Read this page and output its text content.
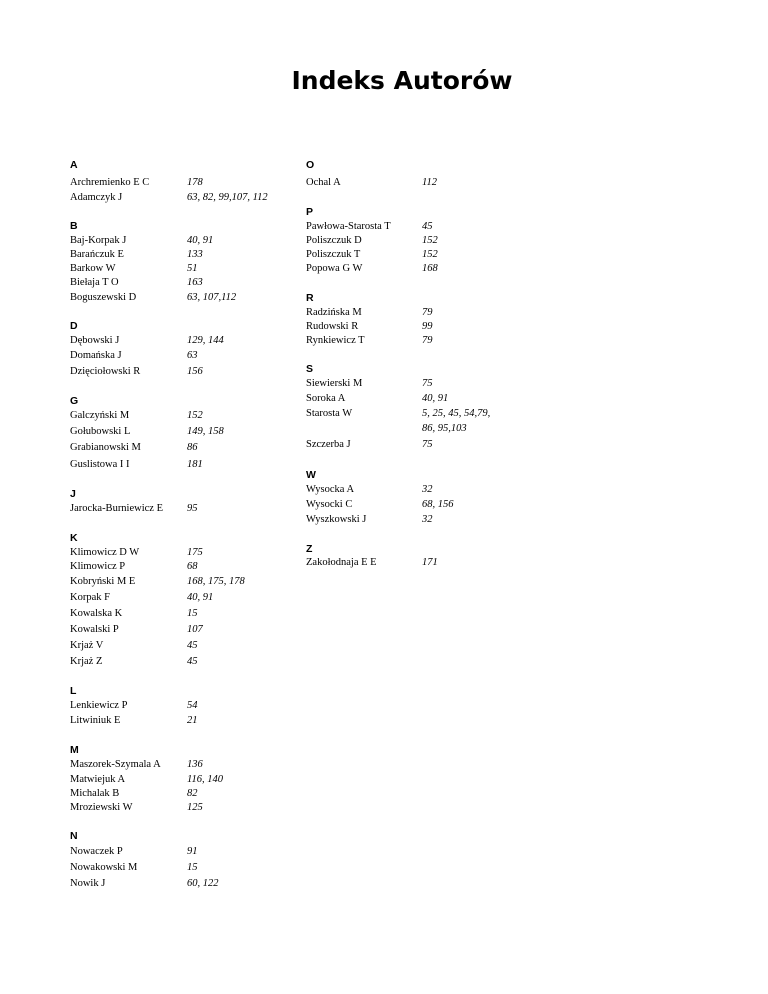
Indeks Autorów
A
Archremienko E C	178
Adamczyk J	63, 82, 99,107, 112
B
Baj-Korpak J	40, 91
Barańczuk E	133
Barkow W	51
Biełaja T O	163
Boguszewski D	63, 107,112
D
Dębowski J	129, 144
Domańska J	63
Dzięciołowski R	156
G
Galczyński M	152
Gołubowski L	149, 158
Grabianowski M	86
Guslistowa I I	181
J
Jarocka-Burniewicz E 95
K
Klimowicz D W	175
Klimowicz P	68
Kobryński M E	168, 175, 178
Korpak F	40, 91
Kowalska K	15
Kowalski P	107
Krjaż V	45
Krjaż Z	45
L
Lenkiewicz P	54
Litwiniuk E	21
M
Maszorek-Szymala A	136
Matwiejuk A	116, 140
Michalak B	82
Mroziewski W	125
N
Nowaczek P	91
Nowakowski M	15
Nowik J	60, 122
O
Ochal A	112
P
Pawłowa-Starosta T	45
Poliszczuk D	152
Poliszczuk T	152
Popowa G W	168
R
Radzińska M	79
Rudowski R	99
Rynkiewicz T	79
S
Siewierski M	75
Soroka A	40, 91
Starosta W	5, 25, 45, 54,79,
86, 95,103
Szczerba J	75
W
Wysocka A	32
Wysocki C	68, 156
Wyszkowski J	32
Z
Zakołodnaja E E	171
